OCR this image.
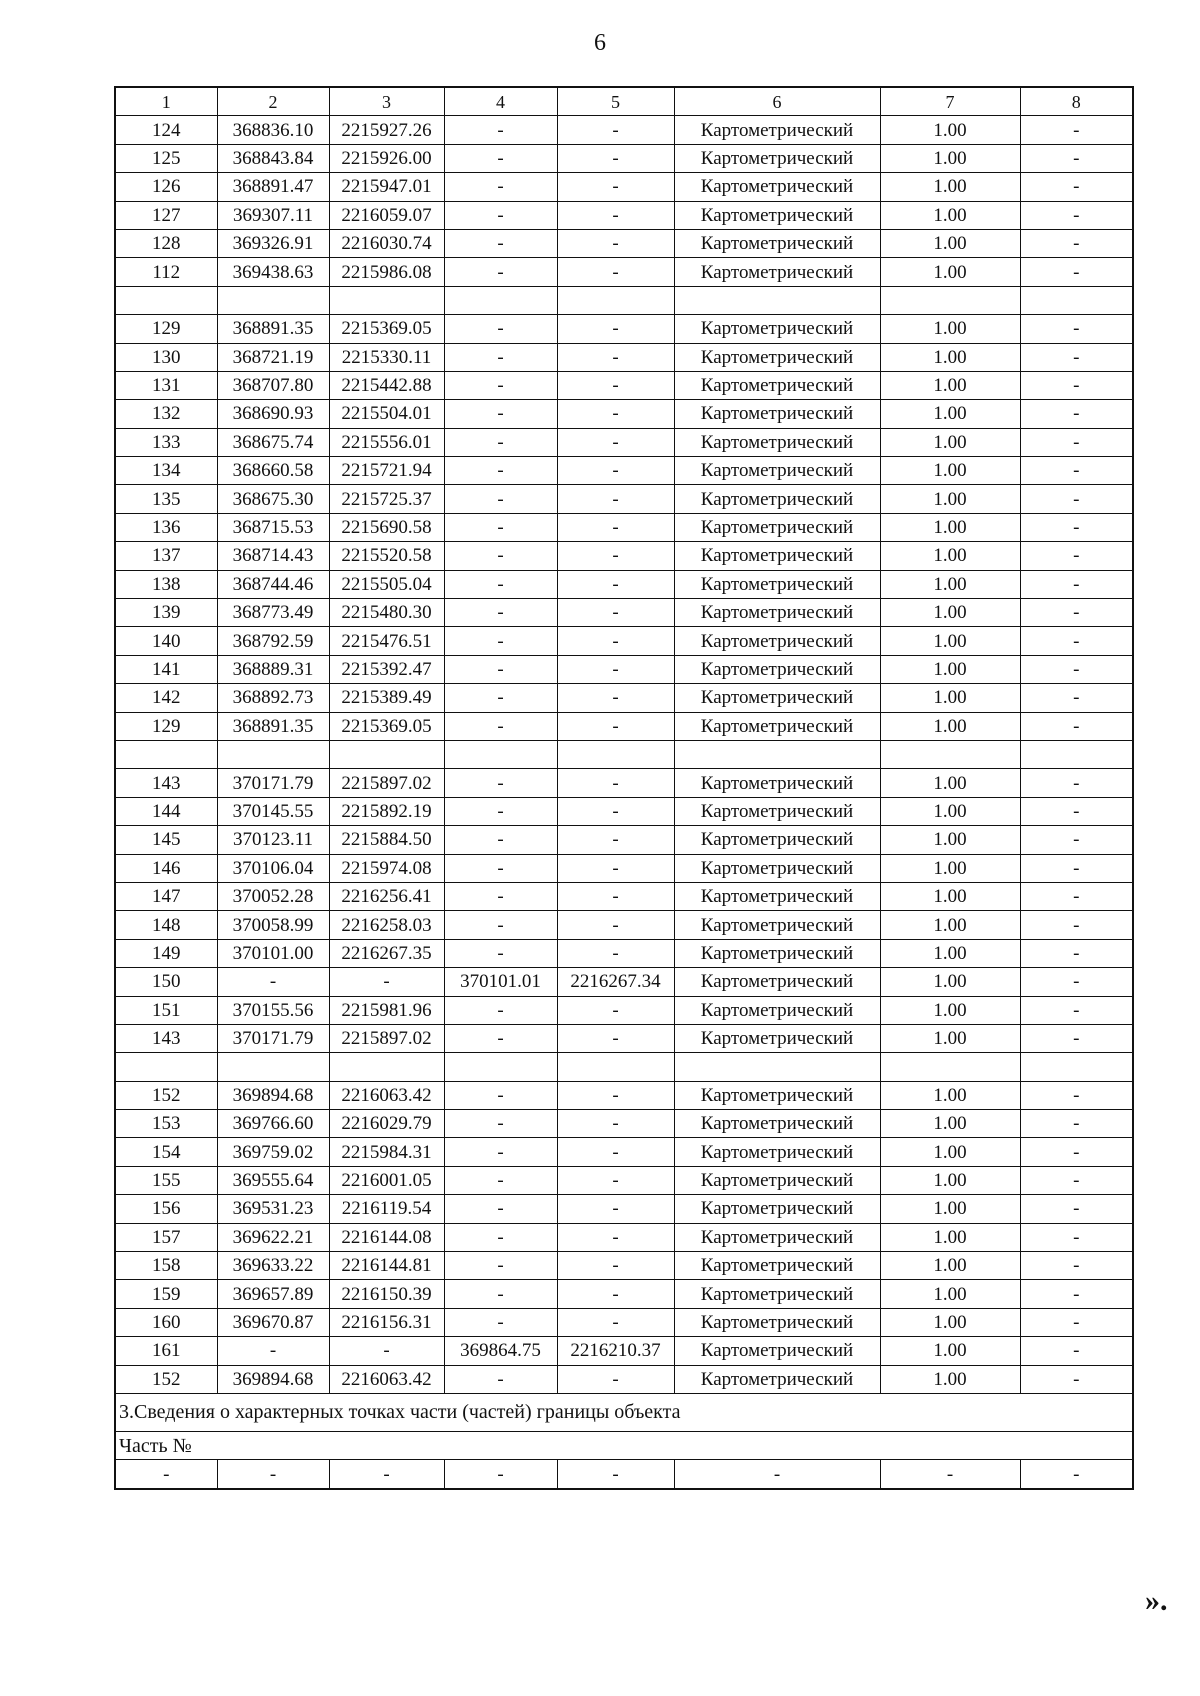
6
1	2	3	4	5	6	7	8
124	368836.10	2215927.26	-	-	Картометрический	1.00	-
125	368843.84	2215926.00	-	-	Картометрический	1.00	-
126	368891.47	2215947.01	-	-	Картометрический	1.00	-
127	369307.11	2216059.07	-	-	Картометрический	1.00	-
128	369326.91	2216030.74	-	-	Картометрический	1.00	-
112	369438.63	2215986.08	-	-	Картометрический	1.00	-

129	368891.35	2215369.05	-	-	Картометрический	1.00	-
130	368721.19	2215330.11	-	-	Картометрический	1.00	-
131	368707.80	2215442.88	-	-	Картометрический	1.00	-
132	368690.93	2215504.01	-	-	Картометрический	1.00	-
133	368675.74	2215556.01	-	-	Картометрический	1.00	-
134	368660.58	2215721.94	-	-	Картометрический	1.00	-
135	368675.30	2215725.37	-	-	Картометрический	1.00	-
136	368715.53	2215690.58	-	-	Картометрический	1.00	-
137	368714.43	2215520.58	-	-	Картометрический	1.00	-
138	368744.46	2215505.04	-	-	Картометрический	1.00	-
139	368773.49	2215480.30	-	-	Картометрический	1.00	-
140	368792.59	2215476.51	-	-	Картометрический	1.00	-
141	368889.31	2215392.47	-	-	Картометрический	1.00	-
142	368892.73	2215389.49	-	-	Картометрический	1.00	-
129	368891.35	2215369.05	-	-	Картометрический	1.00	-

143	370171.79	2215897.02	-	-	Картометрический	1.00	-
144	370145.55	2215892.19	-	-	Картометрический	1.00	-
145	370123.11	2215884.50	-	-	Картометрический	1.00	-
146	370106.04	2215974.08	-	-	Картометрический	1.00	-
147	370052.28	2216256.41	-	-	Картометрический	1.00	-
148	370058.99	2216258.03	-	-	Картометрический	1.00	-
149	370101.00	2216267.35	-	-	Картометрический	1.00	-
150	-	-	370101.01	2216267.34	Картометрический	1.00	-
151	370155.56	2215981.96	-	-	Картометрический	1.00	-
143	370171.79	2215897.02	-	-	Картометрический	1.00	-

152	369894.68	2216063.42	-	-	Картометрический	1.00	-
153	369766.60	2216029.79	-	-	Картометрический	1.00	-
154	369759.02	2215984.31	-	-	Картометрический	1.00	-
155	369555.64	2216001.05	-	-	Картометрический	1.00	-
156	369531.23	2216119.54	-	-	Картометрический	1.00	-
157	369622.21	2216144.08	-	-	Картометрический	1.00	-
158	369633.22	2216144.81	-	-	Картометрический	1.00	-
159	369657.89	2216150.39	-	-	Картометрический	1.00	-
160	369670.87	2216156.31	-	-	Картометрический	1.00	-
161	-	-	369864.75	2216210.37	Картометрический	1.00	-
152	369894.68	2216063.42	-	-	Картометрический	1.00	-
3.Сведения о характерных точках части (частей) границы объекта							
Часть №							
-	-	-	-	-	-	-	-
».
